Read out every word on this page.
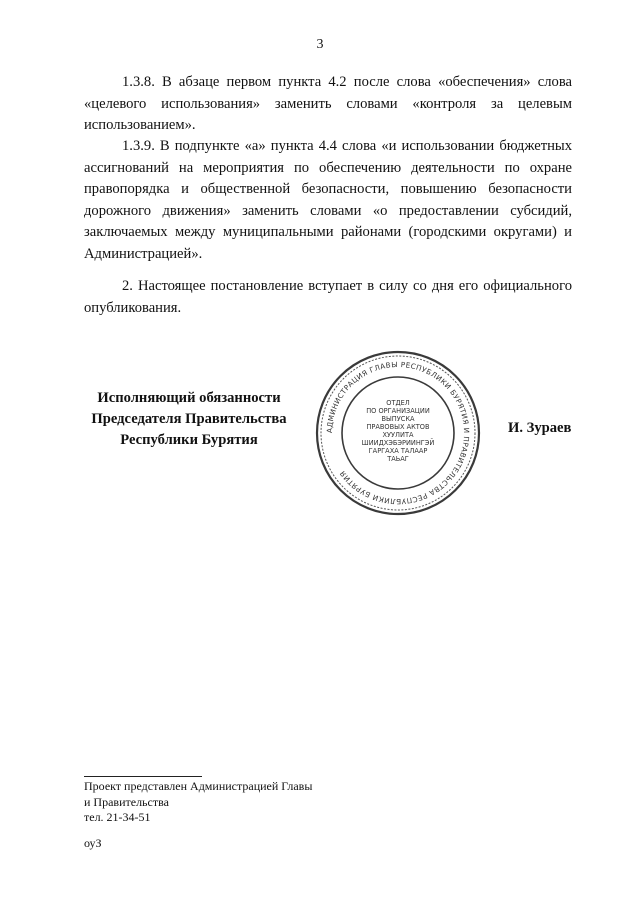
3

1.3.8. В абзаце первом пункта 4.2 после слова «обеспечения» слова «целевого использования» заменить словами «контроля за целевым использованием».

1.3.9. В подпункте «а» пункта 4.4 слова «и использовании бюджетных ассигнований на мероприятия по обеспечению деятельности по охране правопорядка и общественной безопасности, повышению безопасности дорожного движения» заменить словами «о предоставлении субсидий, заключаемых между муниципальными районами (городскими округами) и Администрацией».

2. Настоящее постановление вступает в силу со дня его официального опубликования.

Исполняющий обязанности
Председателя Правительства
Республики Бурятия
АДМИНИСТРАЦИЯ ГЛАВЫ РЕСПУБЛИКИ БУРЯТИЯ И ПРАВИТЕЛЬСТВА РЕСПУБЛИКИ БУРЯТИЯ
ОТДЕЛ
ПО ОРГАНИЗАЦИИ
ВЫПУСКА
ПРАВОВЫХ АКТОВ
ХУУЛИТА
ШИИДХЭБЭРИИНГЭЙ
ГАРГАХА ТАЛААР
ТАЬАГ
И. Зураев
Проект представлен Администрацией Главы
и Правительства
тел. 21-34-51
оуЗ
